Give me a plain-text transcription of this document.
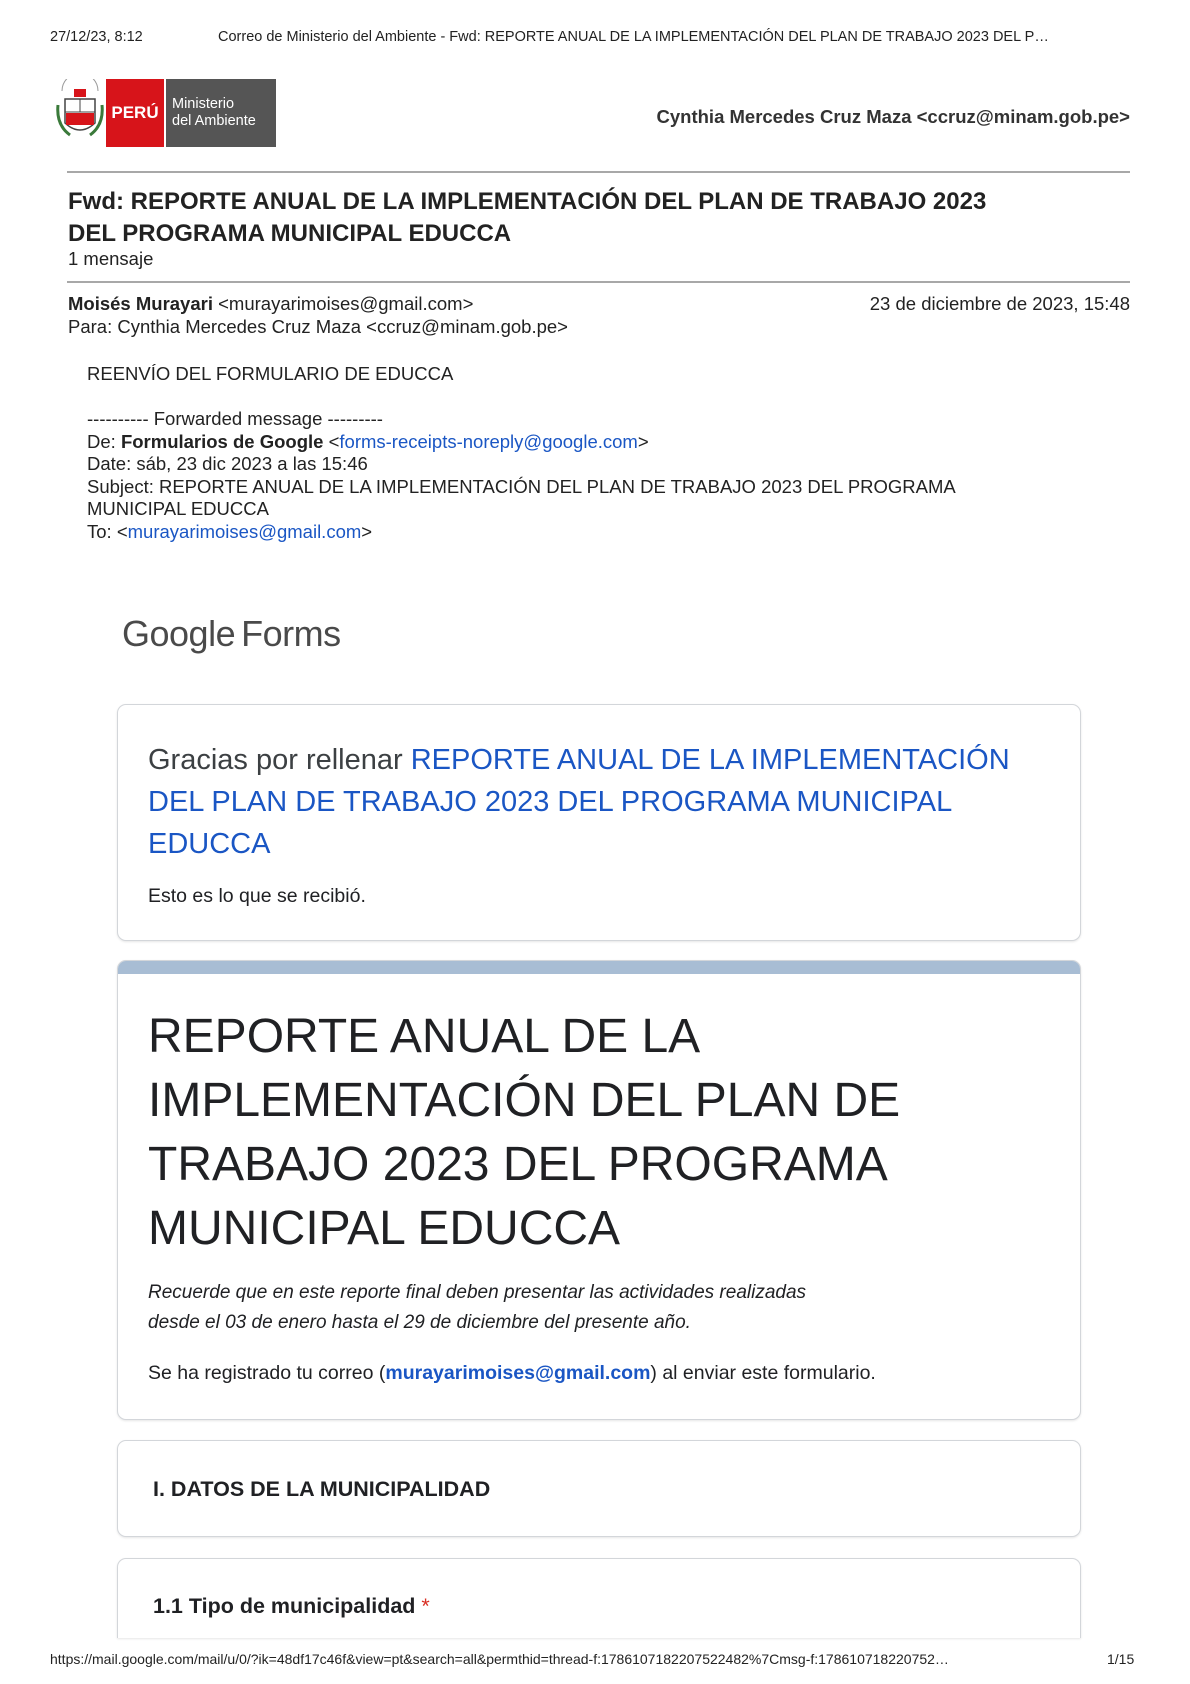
27/12/23, 8:12	Correo de Ministerio del Ambiente - Fwd: REPORTE ANUAL DE LA IMPLEMENTACIÓN DEL PLAN DE TRABAJO 2023 DEL P…
PERÚ Ministerio
del Ambiente	Cynthia Mercedes Cruz Maza <ccruz@minam.gob.pe>
Fwd: REPORTE ANUAL DE LA IMPLEMENTACIÓN DEL PLAN DE TRABAJO 2023
DEL PROGRAMA MUNICIPAL EDUCCA
1 mensaje
Moisés Murayari <murayarimoises@gmail.com>	23 de diciembre de 2023, 15:48
Para: Cynthia Mercedes Cruz Maza <ccruz@minam.gob.pe>
REENVÍO DEL FORMULARIO DE EDUCCA
---------- Forwarded message ---------
De: Formularios de Google <forms-receipts-noreply@google.com>
Date: sáb, 23 dic 2023 a las 15:46
Subject: REPORTE ANUAL DE LA IMPLEMENTACIÓN DEL PLAN DE TRABAJO 2023 DEL PROGRAMA
MUNICIPAL EDUCCA
To: <murayarimoises@gmail.com>
Google Forms
Gracias por rellenar REPORTE ANUAL DE LA IMPLEMENTACIÓN
DEL PLAN DE TRABAJO 2023 DEL PROGRAMA MUNICIPAL
EDUCCA
Esto es lo que se recibió.
REPORTE ANUAL DE LA
IMPLEMENTACIÓN DEL PLAN DE
TRABAJO 2023 DEL PROGRAMA
MUNICIPAL EDUCCA
Recuerde que en este reporte final deben presentar las actividades realizadas
desde el 03 de enero hasta el 29 de diciembre del presente año.
Se ha registrado tu correo (murayarimoises@gmail.com) al enviar este formulario.
I. DATOS DE LA MUNICIPALIDAD
1.1 Tipo de municipalidad *
https://mail.google.com/mail/u/0/?ik=48df17c46f&view=pt&search=all&permthid=thread-f:1786107182207522482%7Cmsg-f:178610718220752…	1/15
